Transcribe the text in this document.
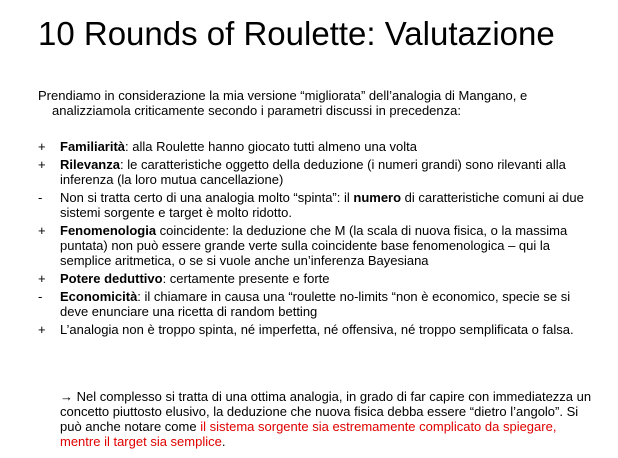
10 Rounds of Roulette: Valutazione
Prendiamo in considerazione la mia versione “migliorata” dell’analogia di Mangano, e analizziamola criticamente secondo i parametri discussi in precedenza:
+	Familiarità: alla Roulette hanno giocato tutti almeno una volta
+	Rilevanza: le caratteristiche oggetto della deduzione (i numeri grandi) sono rilevanti alla inferenza (la loro mutua cancellazione)
-	Non si tratta certo di una analogia molto “spinta”: il numero di caratteristiche comuni ai due sistemi sorgente e target è molto ridotto.
+	Fenomenologia coincidente: la deduzione che M (la scala di nuova fisica, o la massima puntata) non può essere grande verte sulla coincidente base fenomenologica – qui la semplice aritmetica, o se si vuole anche un’inferenza Bayesiana
+	Potere deduttivo: certamente presente e forte
-	Economicità: il chiamare in causa una “roulette no-limits “non è economico, specie se si deve enunciare una ricetta di random betting
+	L’analogia non è troppo spinta, né imperfetta, né offensiva, né troppo semplificata o falsa.
→ Nel complesso si tratta di una ottima analogia, in grado di far capire con immediatezza un concetto piuttosto elusivo, la deduzione che nuova fisica debba essere “dietro l’angolo”. Si può anche notare come il sistema sorgente sia estremamente complicato da spiegare, mentre il target sia semplice.
